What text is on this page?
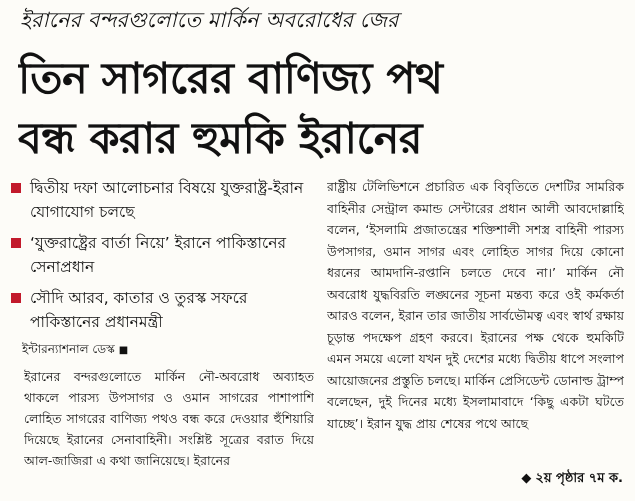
ইরানের বন্দরগুলোতে মার্কিন অবরোধের জের
তিন সাগরের বাণিজ্য পথ
বন্ধ করার হুমকি ইরানের
দ্বিতীয় দফা আলোচনার বিষয়ে যুক্তরাষ্ট্র-ইরান যোগাযোগ চলছে
‘যুক্তরাষ্ট্রের বার্তা নিয়ে’ ইরানে পাকিস্তানের সেনাপ্রধান
সৌদি আরব, কাতার ও তুরস্ক সফরে পাকিস্তানের প্রধানমন্ত্রী
ইন্টারন্যাশনাল ডেস্ক ■
ইরানের বন্দরগুলোতে মার্কিন নৌ-অবরোধ অব্যাহত থাকলে পারস্য উপসাগর ও ওমান সাগরের পাশাপাশি লোহিত সাগরের বাণিজ্য পথও বন্ধ করে দেওয়ার হুঁশিয়ারি দিয়েছে ইরানের সেনাবাহিনী। সংশ্লিষ্ট সূত্রের বরাত দিয়ে আল-জাজিরা এ কথা জানিয়েছে। ইরানের
রাষ্ট্রীয় টেলিভিশনে প্রচারিত এক বিবৃতিতে দেশটির সামরিক বাহিনীর সেন্ট্রাল কমান্ড সেন্টারের প্রধান আলী আবদোল্লাহি বলেন, ‘ইসলামি প্রজাতন্ত্রের শক্তিশালী সশস্ত্র বাহিনী পারস্য উপসাগর, ওমান সাগর এবং লোহিত সাগর দিয়ে কোনো ধরনের আমদানি-রপ্তানি চলতে দেবে না।’ মার্কিন নৌ অবরোধ যুদ্ধবিরতি লঙ্ঘনের সূচনা মন্তব্য করে ওই কর্মকর্তা আরও বলেন, ইরান তার জাতীয় সার্বভৌমত্ব এবং স্বার্থ রক্ষায় চূড়ান্ত পদক্ষেপ গ্রহণ করবে। ইরানের পক্ষ থেকে হুমকিটি এমন সময়ে এলো যখন দুই দেশের মধ্যে দ্বিতীয় ধাপে সংলাপ আয়োজনের প্রস্তুতি চলছে। মার্কিন প্রেসিডেন্ট ডোনাল্ড ট্রাম্প বলেছেন, দুই দিনের মধ্যে ইসলামাবাদে ‘কিছু একটা ঘটতে যাচ্ছে’। ইরান যুদ্ধ প্রায় শেষের পথে আছে
◆ ২য় পৃষ্ঠার ৭ম ক.
